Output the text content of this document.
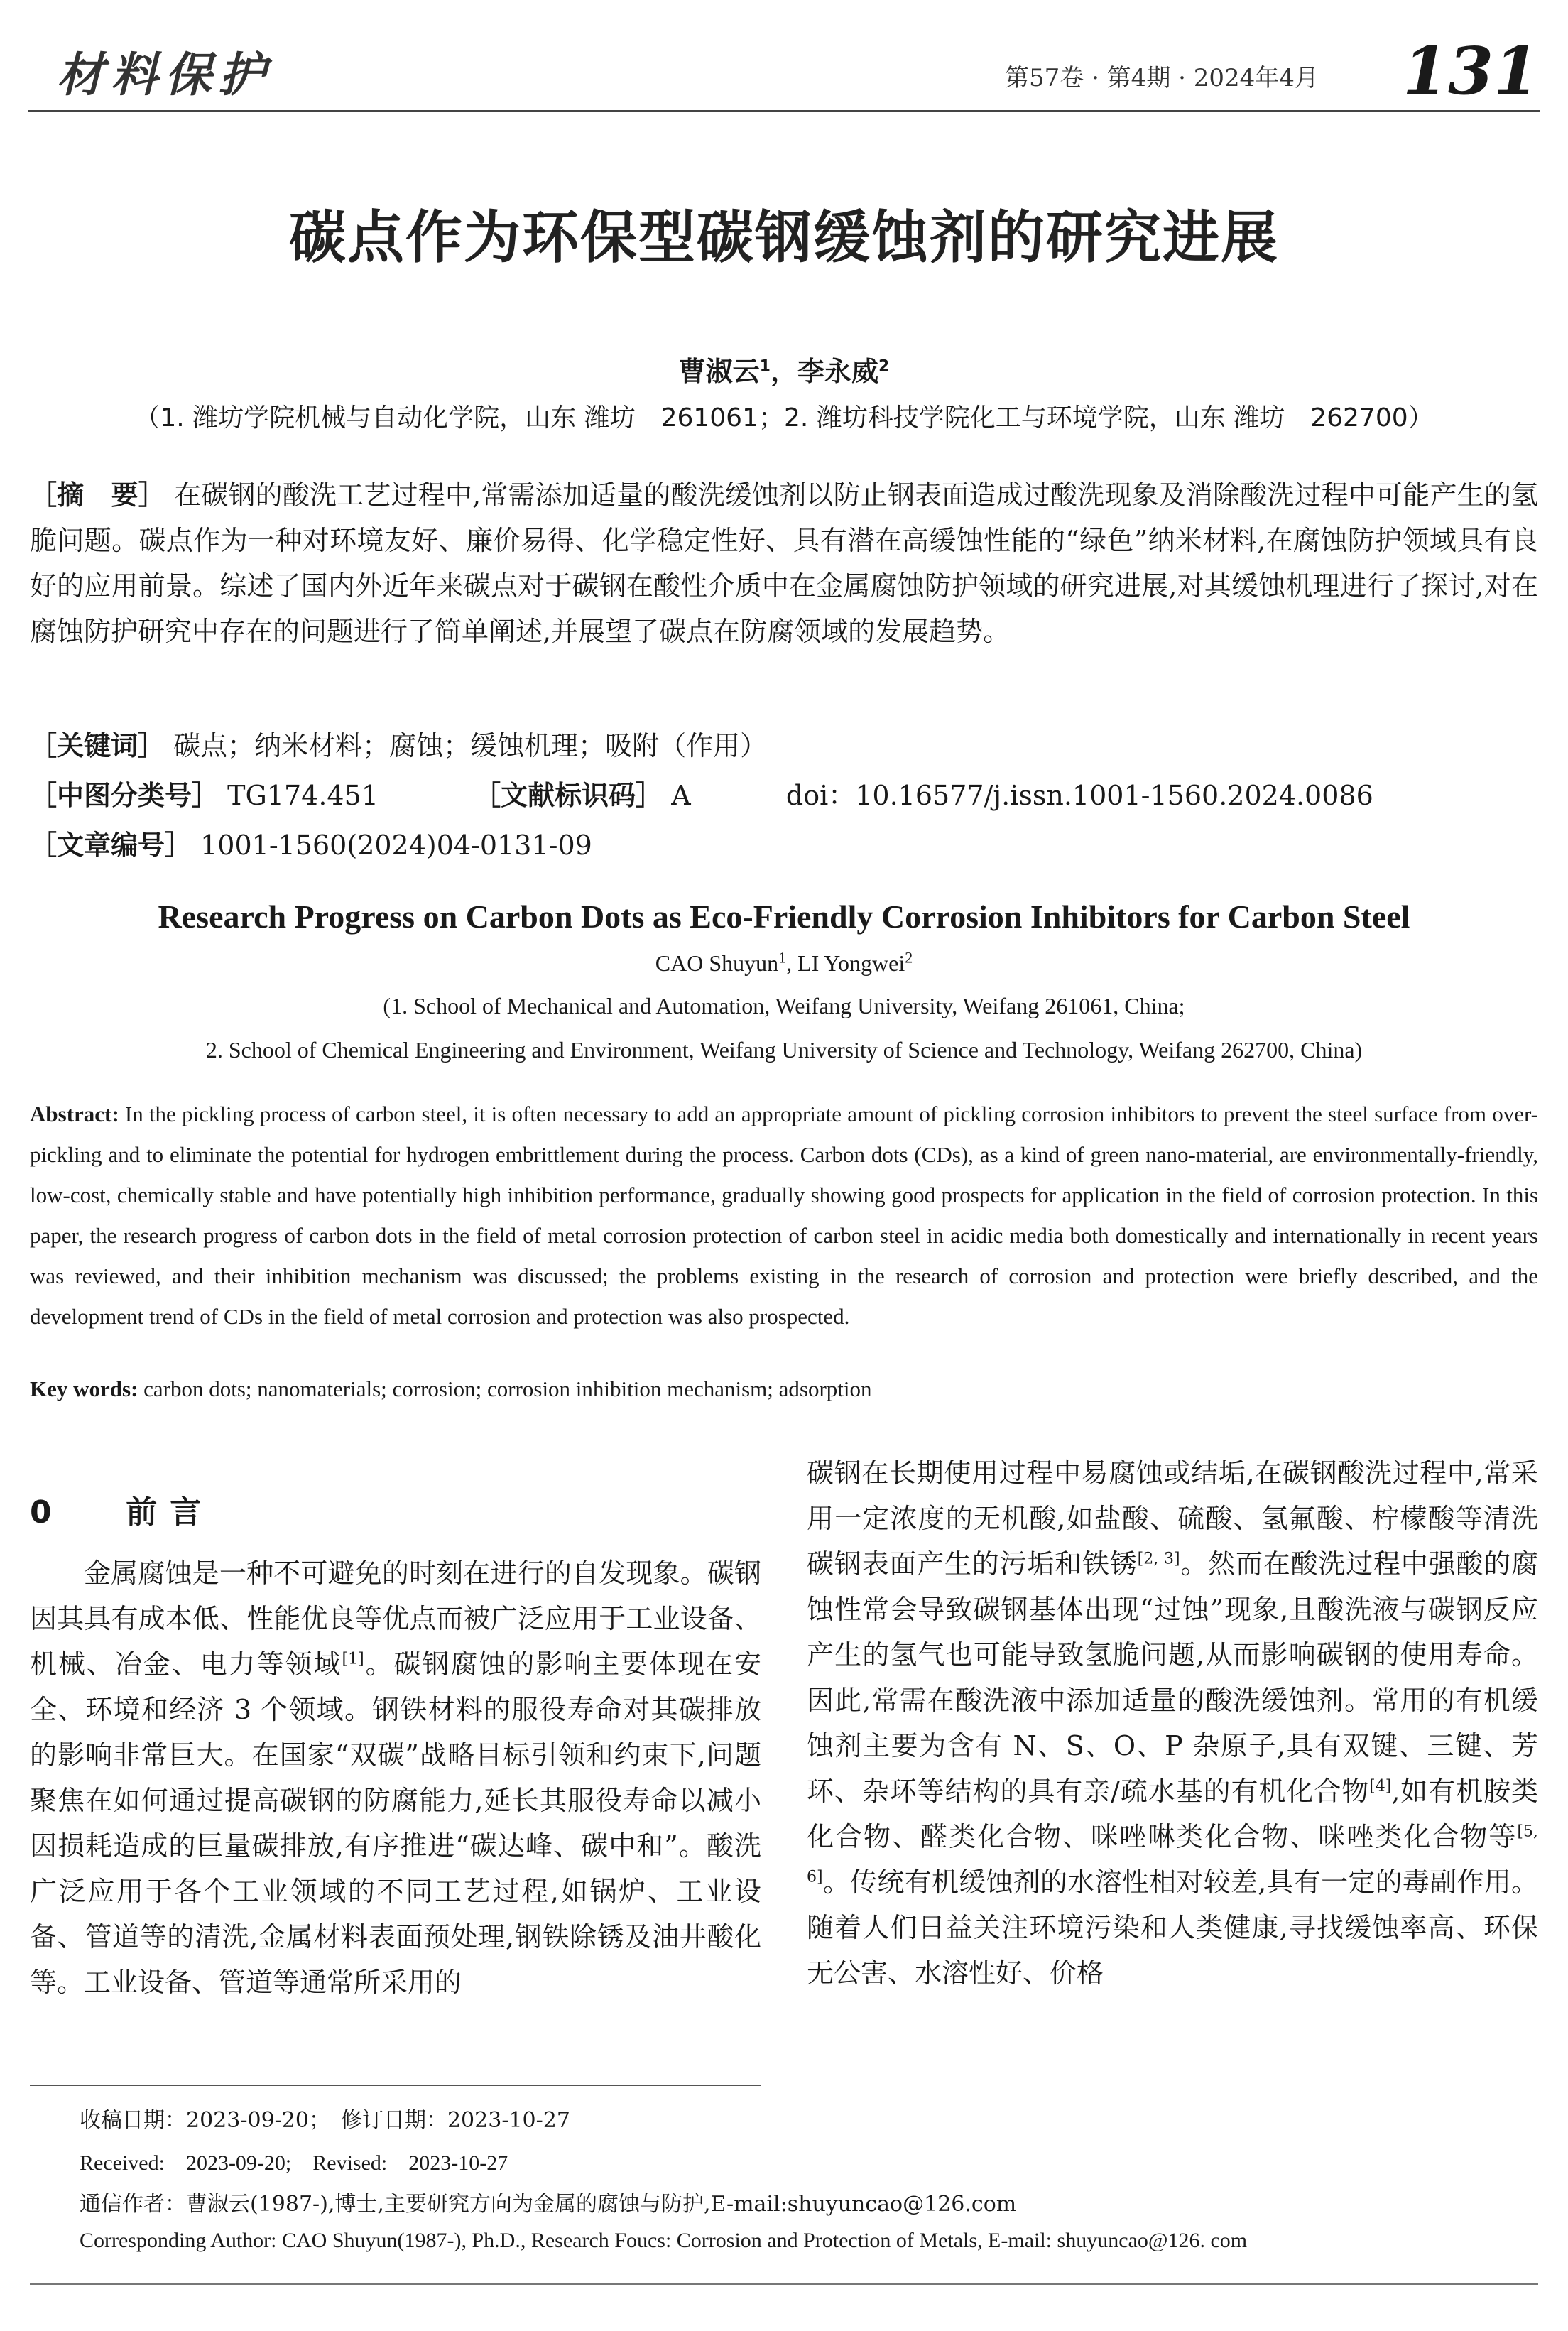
材料保护	第57卷 · 第4期 · 2024年4月 131
碳点作为环保型碳钢缓蚀剂的研究进展
曹淑云$^1$，李永威$^2$
（1. 潍坊学院机械与自动化学院，山东 潍坊　261061；2. 潍坊科技学院化工与环境学院，山东 潍坊　262700）
［摘　要］ 在碳钢的酸洗工艺过程中,常需添加适量的酸洗缓蚀剂以防止钢表面造成过酸洗现象及消除酸洗过程中可能产生的氢脆问题。碳点作为一种对环境友好、廉价易得、化学稳定性好、具有潜在高缓蚀性能的“绿色”纳米材料,在腐蚀防护领域具有良好的应用前景。综述了国内外近年来碳点对于碳钢在酸性介质中在金属腐蚀防护领域的研究进展,对其缓蚀机理进行了探讨,对在腐蚀防护研究中存在的问题进行了简单阐述,并展望了碳点在防腐领域的发展趋势。
［关键词］ 碳点；纳米材料；腐蚀；缓蚀机理；吸附（作用）
［中图分类号］ TG174.451	［文献标识码］ A	doi：10.16577/j.issn.1001-1560.2024.0086
［文章编号］ 1001-1560(2024)04-0131-09
Research Progress on Carbon Dots as Eco-Friendly Corrosion Inhibitors for Carbon Steel
CAO Shuyun$^1$, LI Yongwei$^2$
(1. School of Mechanical and Automation, Weifang University, Weifang 261061, China;
2. School of Chemical Engineering and Environment, Weifang University of Science and Technology, Weifang 262700, China)
Abstract: In the pickling process of carbon steel, it is often necessary to add an appropriate amount of pickling corrosion inhibitors to prevent the steel surface from over-pickling and to eliminate the potential for hydrogen embrittlement during the process. Carbon dots (CDs), as a kind of green nano-material, are environmentally-friendly, low-cost, chemically stable and have potentially high inhibition performance, gradually showing good prospects for application in the field of corrosion protection. In this paper, the research progress of carbon dots in the field of metal corrosion protection of carbon steel in acidic media both domestically and internationally in recent years was reviewed, and their inhibition mechanism was discussed; the problems existing in the research of corrosion and protection were briefly described, and the development trend of CDs in the field of metal corrosion and protection was also prospected.
Key words: carbon dots; nanomaterials; corrosion; corrosion inhibition mechanism; adsorption
0 前言
金属腐蚀是一种不可避免的时刻在进行的自发现象。碳钢因其具有成本低、性能优良等优点而被广泛应用于工业设备、机械、冶金、电力等领域[1]。碳钢腐蚀的影响主要体现在安全、环境和经济 3 个领域。钢铁材料的服役寿命对其碳排放的影响非常巨大。在国家“双碳”战略目标引领和约束下,问题聚焦在如何通过提高碳钢的防腐能力,延长其服役寿命以减小因损耗造成的巨量碳排放,有序推进“碳达峰、碳中和”。酸洗广泛应用于各个工业领域的不同工艺过程,如锅炉、工业设备、管道等的清洗,金属材料表面预处理,钢铁除锈及油井酸化等。工业设备、管道等通常所采用的
碳钢在长期使用过程中易腐蚀或结垢,在碳钢酸洗过程中,常采用一定浓度的无机酸,如盐酸、硫酸、氢氟酸、柠檬酸等清洗碳钢表面产生的污垢和铁锈[2, 3]。然而在酸洗过程中强酸的腐蚀性常会导致碳钢基体出现“过蚀”现象,且酸洗液与碳钢反应产生的氢气也可能导致氢脆问题,从而影响碳钢的使用寿命。因此,常需在酸洗液中添加适量的酸洗缓蚀剂。常用的有机缓蚀剂主要为含有 N、S、O、P 杂原子,具有双键、三键、芳环、杂环等结构的具有亲/疏水基的有机化合物[4],如有机胺类化合物、醛类化合物、咪唑啉类化合物、咪唑类化合物等[5, 6]。传统有机缓蚀剂的水溶性相对较差,具有一定的毒副作用。随着人们日益关注环境污染和人类健康,寻找缓蚀率高、环保无公害、水溶性好、价格
收稿日期：2023-09-20；　修订日期：2023-10-27
Received:　2023-09-20;　Revised:　2023-10-27
通信作者：曹淑云(1987-),博士,主要研究方向为金属的腐蚀与防护,E-mail:shuyuncao@126.com
Corresponding Author: CAO Shuyun(1987-), Ph.D., Research Foucs: Corrosion and Protection of Metals, E-mail: shuyuncao@126. com
